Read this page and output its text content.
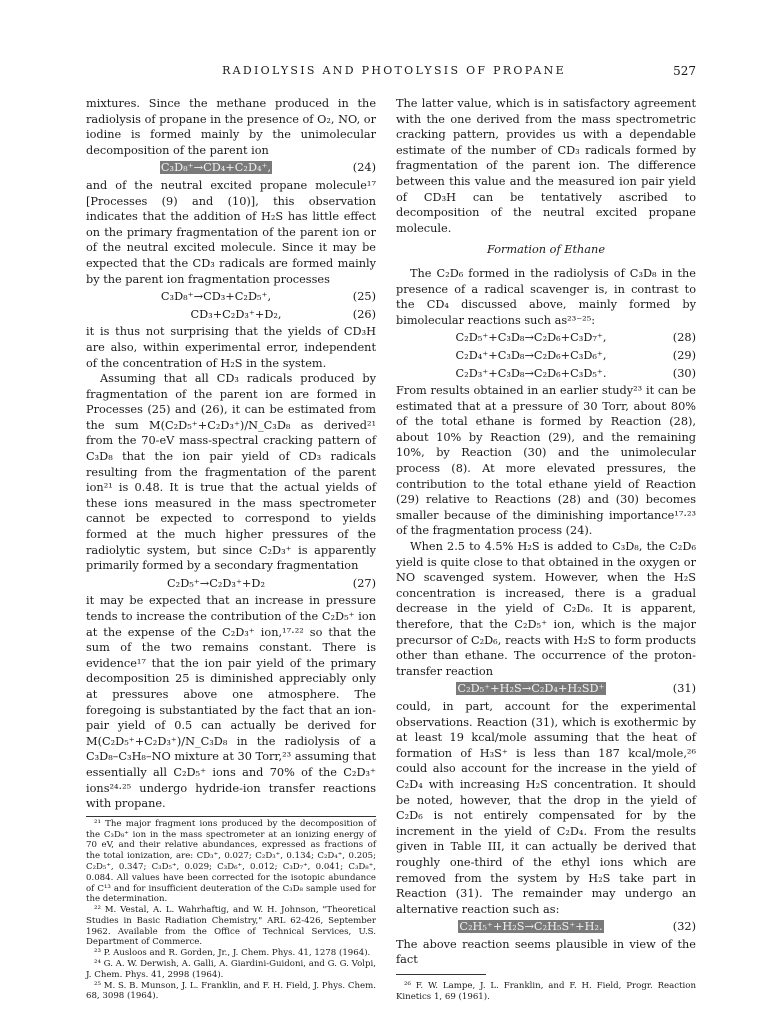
RADIOLYSIS AND PHOTOLYSIS OF PROPANE	527

mixtures. Since the methane produced in the radiolysis of propane in the presence of O₂, NO, or iodine is formed mainly by the unimolecular decomposition of the parent ion

C₃D₈⁺→CD₄+C₂D₄⁺,	(24)

and of the neutral excited propane molecule¹⁷ [Processes (9) and (10)], this observation indicates that the addition of H₂S has little effect on the primary fragmentation of the parent ion or of the neutral excited molecule. Since it may be expected that the CD₃ radicals are formed mainly by the parent ion fragmentation processes

C₃D₈⁺→CD₃+C₂D₅⁺,	(25)
CD₃+C₂D₃⁺+D₂,	(26)

it is thus not surprising that the yields of CD₃H are also, within experimental error, independent of the concentration of H₂S in the system.

Assuming that all CD₃ radicals produced by fragmentation of the parent ion are formed in Processes (25) and (26), it can be estimated from the sum M(C₂D₅⁺+C₂D₃⁺)/N_C₃D₈ as derived²¹ from the 70-eV mass-spectral cracking pattern of C₃D₈ that the ion pair yield of CD₃ radicals resulting from the fragmentation of the parent ion²¹ is 0.48. It is true that the actual yields of these ions measured in the mass spectrometer cannot be expected to correspond to yields formed at the much higher pressures of the radiolytic system, but since C₂D₃⁺ is apparently primarily formed by a secondary fragmentation

C₂D₅⁺→C₂D₃⁺+D₂	(27)

it may be expected that an increase in pressure tends to increase the contribution of the C₂D₅⁺ ion at the expense of the C₂D₃⁺ ion,¹⁷·²² so that the sum of the two remains constant. There is evidence¹⁷ that the ion pair yield of the primary decomposition 25 is diminished appreciably only at pressures above one atmosphere. The foregoing is substantiated by the fact that an ion-pair yield of 0.5 can actually be derived for M(C₂D₅⁺+C₂D₃⁺)/N_C₃D₈ in the radiolysis of a C₃D₈–C₃H₈–NO mixture at 30 Torr,²³ assuming that essentially all C₂D₅⁺ ions and 70% of the C₂D₃⁺ ions²⁴·²⁵ undergo hydride-ion transfer reactions with propane.

²¹ The major fragment ions produced by the decomposition of the C₃D₈⁺ ion in the mass spectrometer at an ionizing energy of 70 eV, and their relative abundances, expressed as fractions of the total ionization, are: CD₃⁺, 0.027; C₂D₃⁺, 0.134; C₂D₄⁺, 0.205; C₂D₅⁺, 0.347; C₃D₅⁺, 0.029; C₃D₆⁺, 0.012; C₃D₇⁺, 0.041; C₃D₈⁺, 0.084. All values have been corrected for the isotopic abundance of C¹³ and for insufficient deuteration of the C₃D₈ sample used for the determination.

²² M. Vestal, A. L. Wahrhaftig, and W. H. Johnson, "Theoretical Studies in Basic Radiation Chemistry," ARL 62-426, September 1962. Available from the Office of Technical Services, U.S. Department of Commerce.

²³ P. Ausloos and R. Gorden, Jr., J. Chem. Phys. 41, 1278 (1964).

²⁴ G. A. W. Derwish, A. Galli, A. Giardini-Guidoni, and G. G. Volpi, J. Chem. Phys. 41, 2998 (1964).

²⁵ M. S. B. Munson, J. L. Franklin, and F. H. Field, J. Phys. Chem. 68, 3098 (1964).

The latter value, which is in satisfactory agreement with the one derived from the mass spectrometric cracking pattern, provides us with a dependable estimate of the number of CD₃ radicals formed by fragmentation of the parent ion. The difference between this value and the measured ion pair yield of CD₃H can be tentatively ascribed to decomposition of the neutral excited propane molecule.

Formation of Ethane

The C₂D₆ formed in the radiolysis of C₃D₈ in the presence of a radical scavenger is, in contrast to the CD₄ discussed above, mainly formed by bimolecular reactions such as²³⁻²⁵:

C₂D₅⁺+C₃D₈→C₂D₆+C₃D₇⁺,	(28)
C₂D₄⁺+C₃D₈→C₂D₆+C₃D₆⁺,	(29)
C₂D₃⁺+C₃D₈→C₂D₆+C₃D₅⁺.	(30)

From results obtained in an earlier study²³ it can be estimated that at a pressure of 30 Torr, about 80% of the total ethane is formed by Reaction (28), about 10% by Reaction (29), and the remaining 10%, by Reaction (30) and the unimolecular process (8). At more elevated pressures, the contribution to the total ethane yield of Reaction (29) relative to Reactions (28) and (30) becomes smaller because of the diminishing importance¹⁷·²³ of the fragmentation process (24).

When 2.5 to 4.5% H₂S is added to C₃D₈, the C₂D₆ yield is quite close to that obtained in the oxygen or NO scavenged system. However, when the H₂S concentration is increased, there is a gradual decrease in the yield of C₂D₆. It is apparent, therefore, that the C₂D₅⁺ ion, which is the major precursor of C₂D₆, reacts with H₂S to form products other than ethane. The occurrence of the proton-transfer reaction

C₂D₅⁺+H₂S→C₂D₄+H₂SD⁺	(31)

could, in part, account for the experimental observations. Reaction (31), which is exothermic by at least 19 kcal/mole assuming that the heat of formation of H₃S⁺ is less than 187 kcal/mole,²⁶ could also account for the increase in the yield of C₂D₄ with increasing H₂S concentration. It should be noted, however, that the drop in the yield of C₂D₆ is not entirely compensated for by the increment in the yield of C₂D₄. From the results given in Table III, it can actually be derived that roughly one-third of the ethyl ions which are removed from the system by H₂S take part in Reaction (31). The remainder may undergo an alternative reaction such as:

C₂H₅⁺+H₂S→C₂H₅S⁺+H₂.	(32)

The above reaction seems plausible in view of the fact

²⁶ F. W. Lampe, J. L. Franklin, and F. H. Field, Progr. Reaction Kinetics 1, 69 (1961).
